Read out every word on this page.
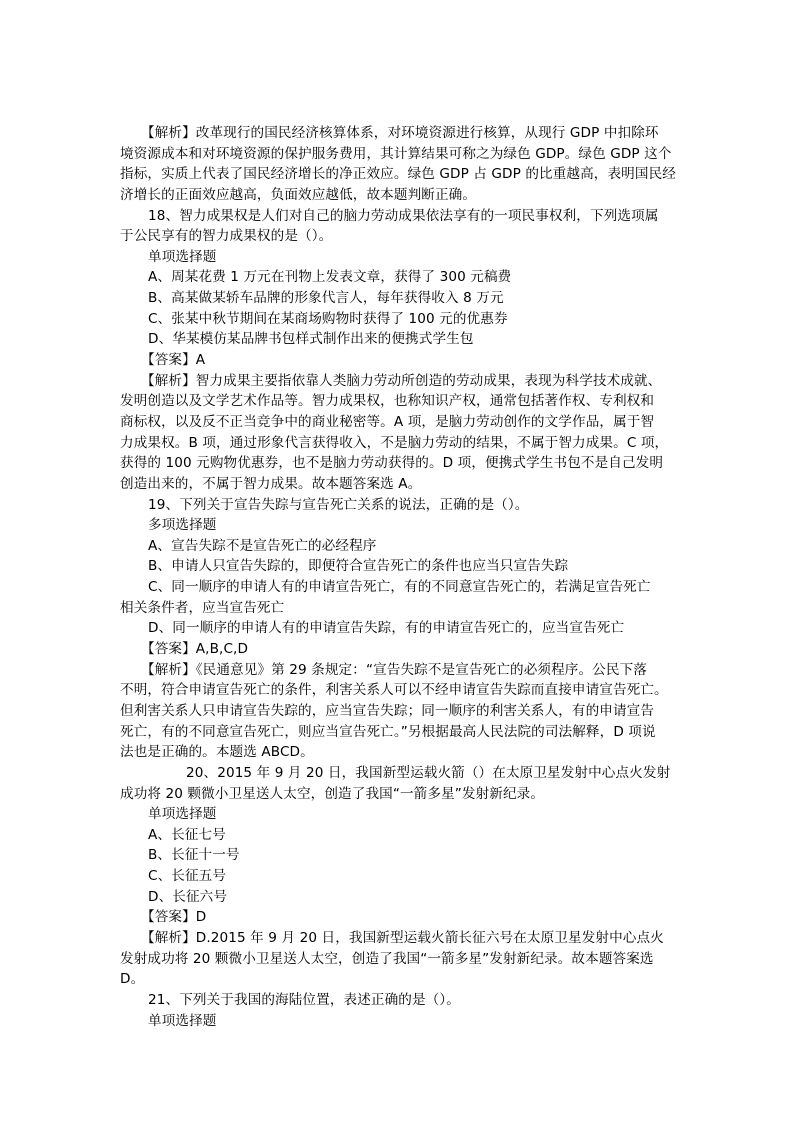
【解析】改革现行的国民经济核算体系，对环境资源进行核算，从现行 GDP 中扣除环
境资源成本和对环境资源的保护服务费用，其计算结果可称之为绿色 GDP。绿色 GDP 这个
指标，实质上代表了国民经济增长的净正效应。绿色 GDP 占 GDP 的比重越高，表明国民经
济增长的正面效应越高，负面效应越低，故本题判断正确。
18、智力成果权是人们对自己的脑力劳动成果依法享有的一项民事权利，下列选项属
于公民享有的智力成果权的是（）。
单项选择题
A、周某花费 1 万元在刊物上发表文章，获得了 300 元稿费
B、高某做某轿车品牌的形象代言人，每年获得收入 8 万元
C、张某中秋节期间在某商场购物时获得了 100 元的优惠券
D、华某模仿某品牌书包样式制作出来的便携式学生包
【答案】A
【解析】智力成果主要指依靠人类脑力劳动所创造的劳动成果，表现为科学技术成就、
发明创造以及文学艺术作品等。智力成果权，也称知识产权，通常包括著作权、专利权和
商标权，以及反不正当竞争中的商业秘密等。A 项，是脑力劳动创作的文学作品，属于智
力成果权。B 项，通过形象代言获得收入，不是脑力劳动的结果，不属于智力成果。C 项，
获得的 100 元购物优惠券，也不是脑力劳动获得的。D 项，便携式学生书包不是自己发明
创造出来的，不属于智力成果。故本题答案选 A。
19、下列关于宣告失踪与宣告死亡关系的说法，正确的是（）。
多项选择题
A、宣告失踪不是宣告死亡的必经程序
B、申请人只宣告失踪的，即便符合宣告死亡的条件也应当只宣告失踪
C、同一顺序的申请人有的申请宣告死亡，有的不同意宣告死亡的，若满足宣告死亡
相关条件者，应当宣告死亡
D、同一顺序的申请人有的申请宣告失踪，有的申请宣告死亡的，应当宣告死亡
【答案】A,B,C,D
【解析】《民通意见》第 29 条规定：“宣告失踪不是宣告死亡的必须程序。公民下落
不明，符合申请宣告死亡的条件，利害关系人可以不经申请宣告失踪而直接申请宣告死亡。
但利害关系人只申请宣告失踪的，应当宣告失踪；同一顺序的利害关系人，有的申请宣告
死亡，有的不同意宣告死亡，则应当宣告死亡。”另根据最高人民法院的司法解释，D 项说
法也是正确的。本题选 ABCD。
20、2015 年 9 月 20 日，我国新型运载火箭（）在太原卫星发射中心点火发射
成功将 20 颗微小卫星送人太空，创造了我国“一箭多星”发射新纪录。
单项选择题
A、长征七号
B、长征十一号
C、长征五号
D、长征六号
【答案】D
【解析】D.2015 年 9 月 20 日，我国新型运载火箭长征六号在太原卫星发射中心点火
发射成功将 20 颗微小卫星送人太空，创造了我国“一箭多星”发射新纪录。故本题答案选
D。
21、下列关于我国的海陆位置，表述正确的是（）。
单项选择题
